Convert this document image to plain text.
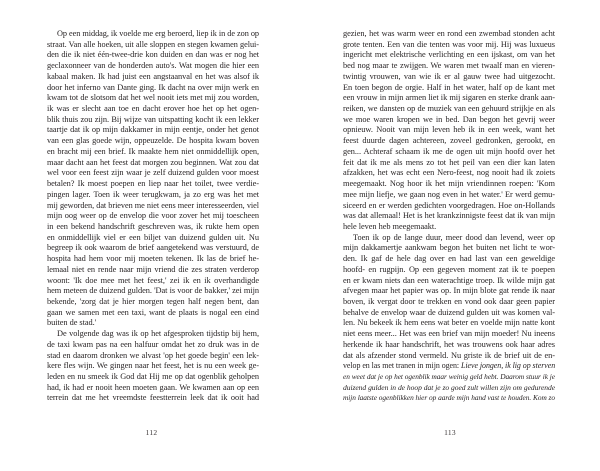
Op een middag, ik voelde me erg beroerd, liep ik in de zon op
straat. Van alle hoeken, uit alle sloppen en stegen kwamen gelui-
den die ik niet één-twee-drie kon duiden en dan was er nog het
geclaxonneer van de honderden auto's. Wat mogen die hier een
kabaal maken. Ik had juist een angstaanval en het was alsof ik
door het inferno van Dante ging. Ik dacht na over mijn werk en
kwam tot de slotsom dat het wel nooit iets met mij zou worden,
ik was er slecht aan toe en dacht erover hoe het op het ogen-
blik thuis zou zijn. Bij wijze van uitspatting kocht ik een lekker
taartje dat ik op mijn dakkamer in mijn eentje, onder het genot
van een glas goede wijn, oppeuzelde. De hospita kwam boven
en bracht mij een brief. Ik maakte hem niet onmiddellijk open,
maar dacht aan het feest dat morgen zou beginnen. Wat zou dat
wel voor een feest zijn waar je zelf duizend gulden voor moest
betalen? Ik moest poepen en liep naar het toilet, twee verdie-
pingen lager. Toen ik weer terugkwam, ja zo erg was het met
mij geworden, dat brieven me niet eens meer interesseerden, viel
mijn oog weer op de envelop die voor zover het mij toescheen
in een bekend handschrift geschreven was, ik rukte hem open
en onmiddellijk viel er een biljet van duizend gulden uit. Nu
begreep ik ook waarom de brief aangetekend was verstuurd, de
hospita had hem voor mij moeten tekenen. Ik las de brief he-
lemaal niet en rende naar mijn vriend die zes straten verderop
woont: 'Ik doe mee met het feest,' zei ik en ik overhandigde
hem meteen de duizend gulden. 'Dat is voor de bakker,' zei mijn
bekende, 'zorg dat je hier morgen tegen half negen bent, dan
gaan we samen met een taxi, want de plaats is nogal een eind
buiten de stad.'
De volgende dag was ik op het afgesproken tijdstip bij hem,
de taxi kwam pas na een halfuur omdat het zo druk was in de
stad en daarom dronken we alvast 'op het goede begin' een lek-
kere fles wijn. We gingen naar het feest, het is nu een week ge-
leden en nu smeek ik God dat Hij me op dat ogenblik geholpen
had, ik had er nooit heen moeten gaan. We kwamen aan op een
terrein dat me het vreemdste feestterrein leek dat ik ooit had
112
gezien, het was warm weer en rond een zwembad stonden acht
grote tenten. Een van die tenten was voor mij. Hij was luxueus
ingericht met elektrische verlichting en een ijskast, om van het
bed nog maar te zwijgen. We waren met twaalf man en vieren-
twintig vrouwen, van wie ik er al gauw twee had uitgezocht.
En toen begon de orgie. Half in het water, half op de kant met
een vrouw in mijn armen liet ik mij sigaren en sterke drank aan-
reiken, we dansten op de muziek van een gehuurd strijkje en als
we moe waren kropen we in bed. Dan begon het gevrij weer
opnieuw. Nooit van mijn leven heb ik in een week, want het
feest duurde dagen achtereen, zoveel gedronken, gerookt, en
gen... Achteraf schaam ik me de ogen uit mijn hoofd over het
feit dat ik me als mens zo tot het peil van een dier kan laten
afzakken, het was echt een Nero-feest, nog nooit had ik zoiets
meegemaakt. Nog hoor ik het mijn vriendinnen roepen: 'Kom
mee mijn liefje, we gaan nog even in het water.' Er werd gemu-
siceerd en er werden gedichten voorgedragen. Hoe on-Hollands
was dat allemaal! Het is het krankzinnigste feest dat ik van mijn
hele leven heb meegemaakt.
Toen ik op de lange duur, meer dood dan levend, weer op
mijn dakkamertje aankwam begon het buiten net licht te wor-
den. Ik gaf de hele dag over en had last van een geweldige
hoofd- en rugpijn. Op een gegeven moment zat ik te poepen
en er kwam niets dan een waterachtige troep. Ik wilde mijn gat
afvegen maar het papier was op. In mijn blote gat rende ik naar
boven, ik vergat door te trekken en vond ook daar geen papier
behalve de envelop waar de duizend gulden uit was komen val-
len. Nu bekeek ik hem eens wat beter en voelde mijn natte kont
niet eens meer... Het was een brief van mijn moeder! Nu ineens
herkende ik haar handschrift, het was trouwens ook haar adres
dat als afzender stond vermeld. Nu griste ik de brief uit de en-
velop en las met tranen in mijn ogen: Lieve jongen, ik lig op sterven
en weet dat je op het ogenblik maar weinig geld hebt. Daarom stuur ik je
duizend gulden in de hoop dat je zo goed zult willen zijn om gedurende
mijn laatste ogenblikken hier op aarde mijn hand vast te houden. Kom zo
113
